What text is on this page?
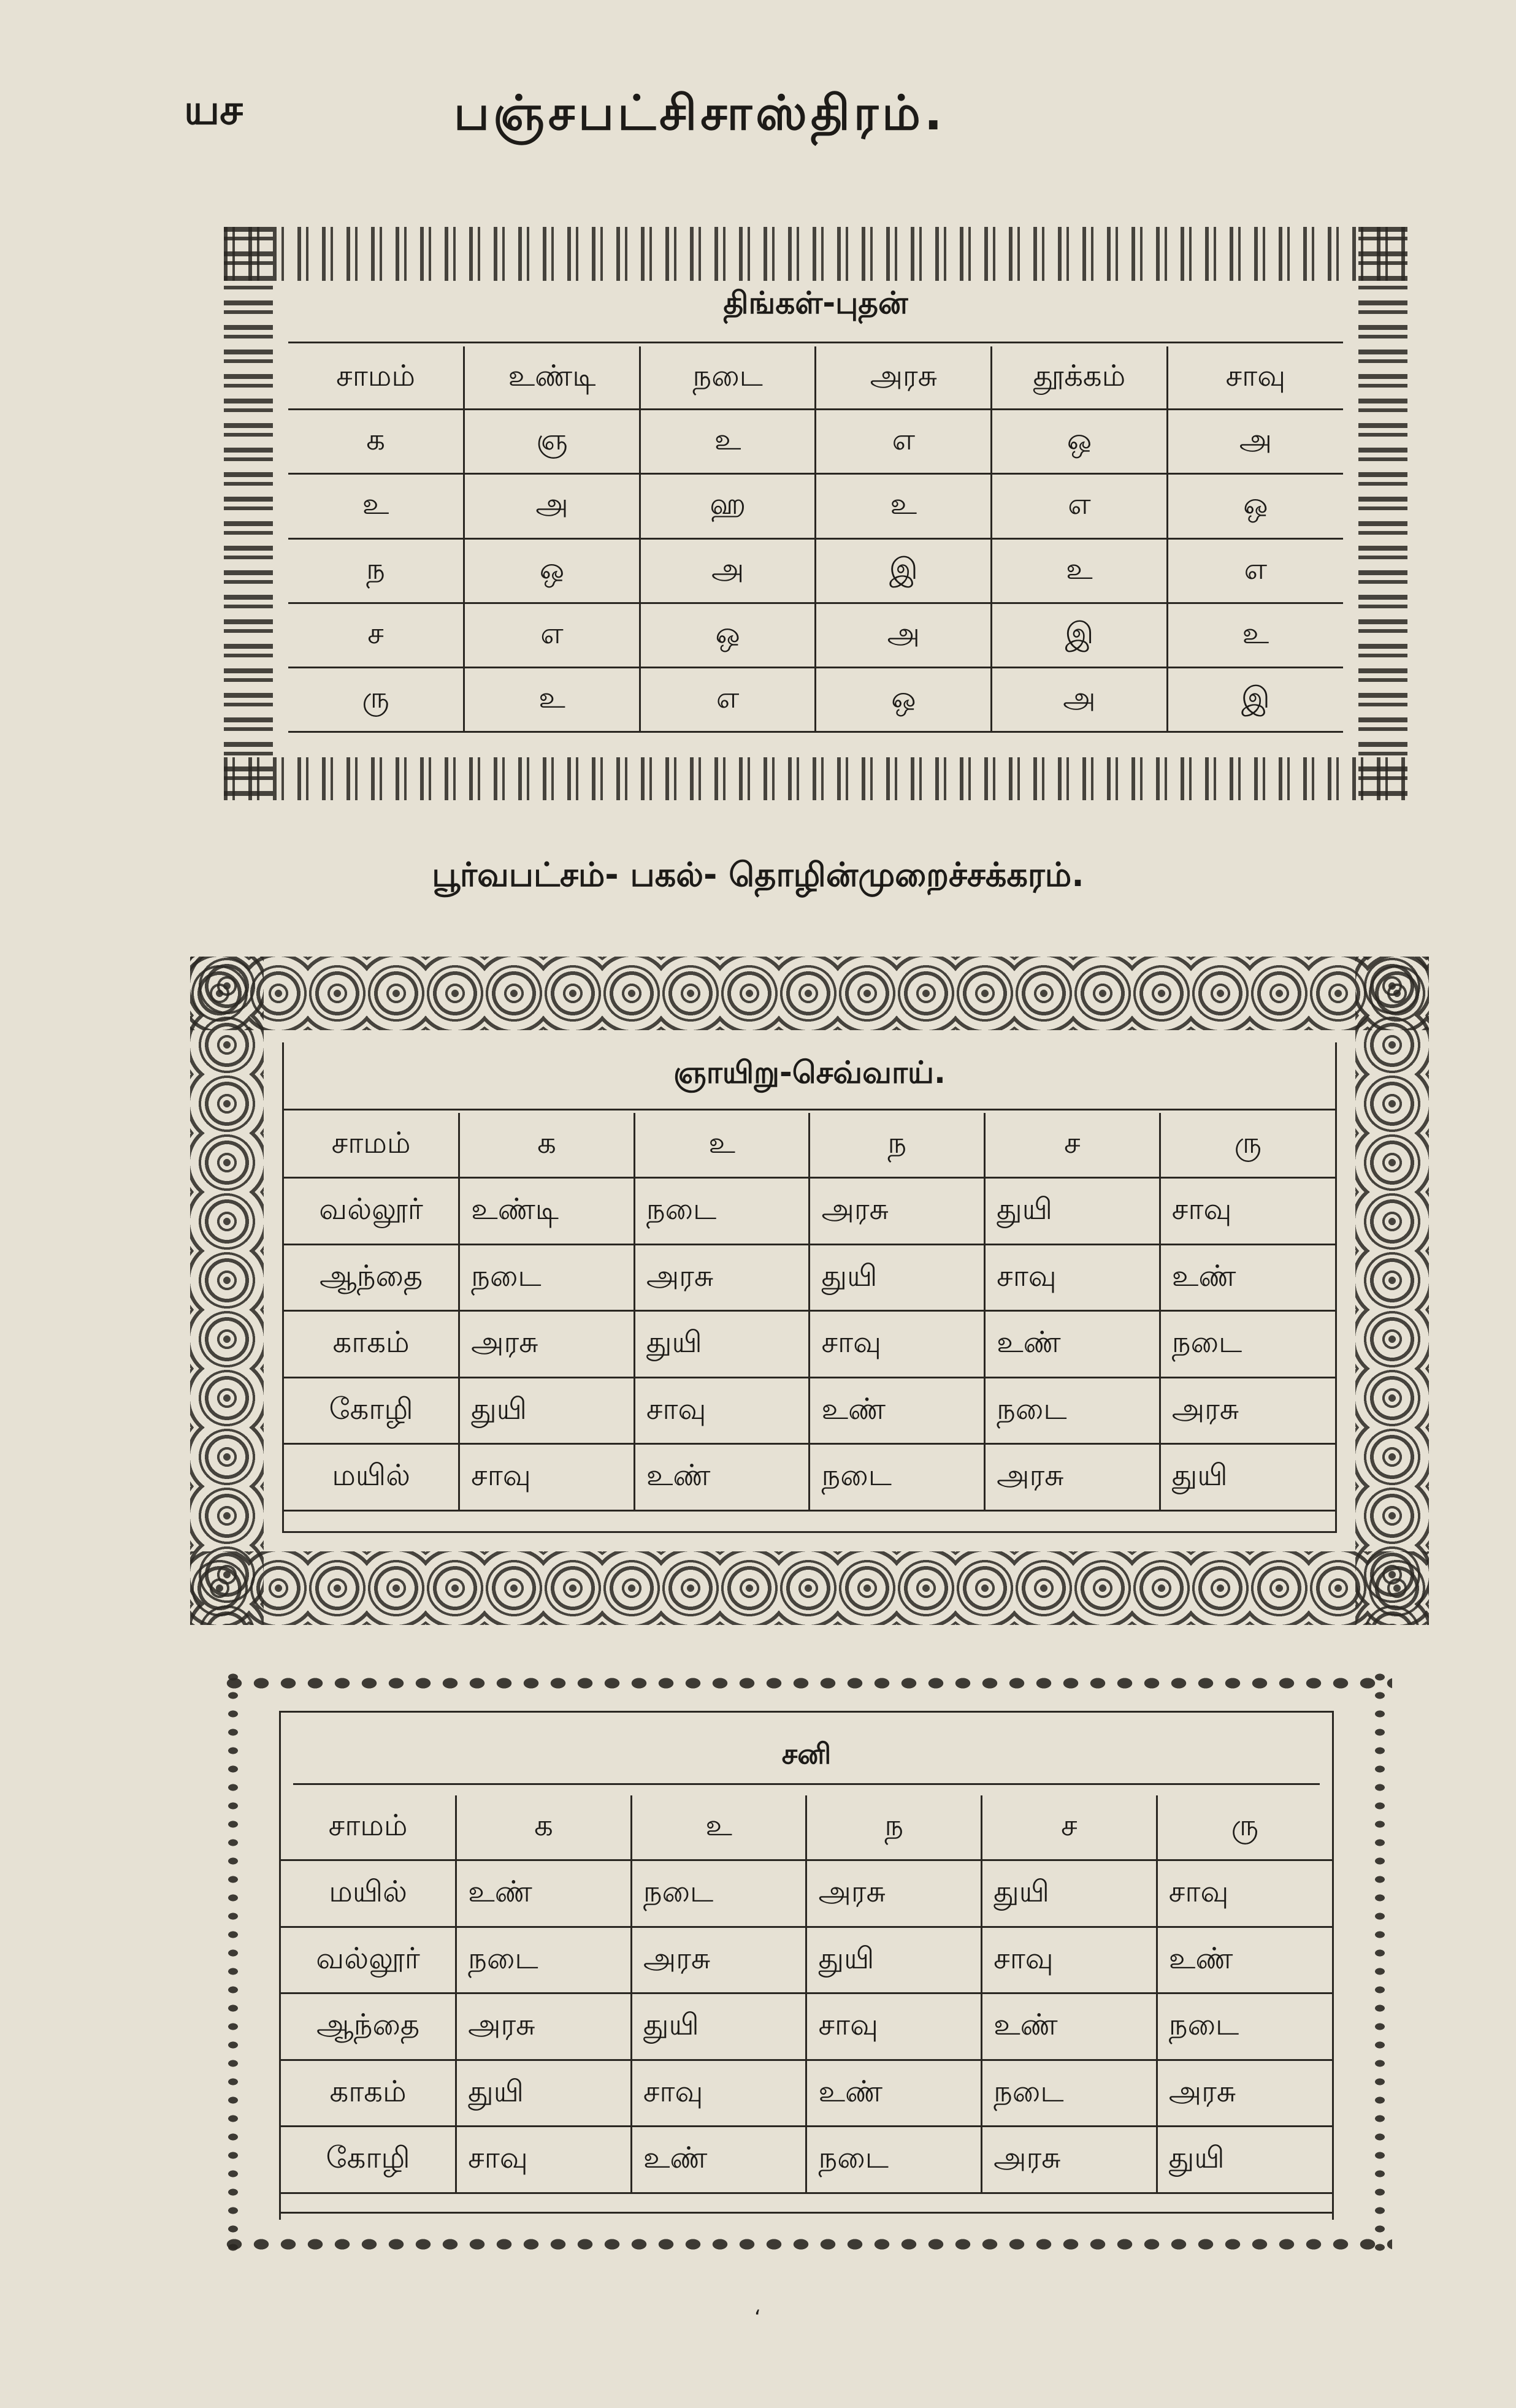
யச	பஞ்சபட்சிசாஸ்திரம்.
திங்கள்-புதன்
சாமம்	உண்டி	நடை	அரசு	தூக்கம்	சாவு
க	ஞ	உ	எ	ஒ	அ
உ	அ	ஹ	உ	எ	ஒ
ந	ஒ	அ	இ	உ	எ
ச	எ	ஒ	அ	இ	உ
ரு	உ	எ	ஒ	அ	இ
பூர்வபட்சம்- பகல்- தொழின்முறைச்சக்கரம்.
ஞாயிறு-செவ்வாய்.
சாமம்	க	உ	ந	ச	ரு
வல்லூர்	உண்டி	நடை	அரசு	துயி	சாவு
ஆந்தை	நடை	அரசு	துயி	சாவு	உண்
காகம்	அரசு	துயி	சாவு	உண்	நடை
கோழி	துயி	சாவு	உண்	நடை	அரசு
மயில்	சாவு	உண்	நடை	அரசு	துயி
சனி
சாமம்	க	உ	ந	ச	ரு
மயில்	உண்	நடை	அரசு	துயி	சாவு
வல்லூர்	நடை	அரசு	துயி	சாவு	உண்
ஆந்தை	அரசு	துயி	சாவு	உண்	நடை
காகம்	துயி	சாவு	உண்	நடை	அரசு
கோழி	சாவு	உண்	நடை	அரசு	துயி
‘
